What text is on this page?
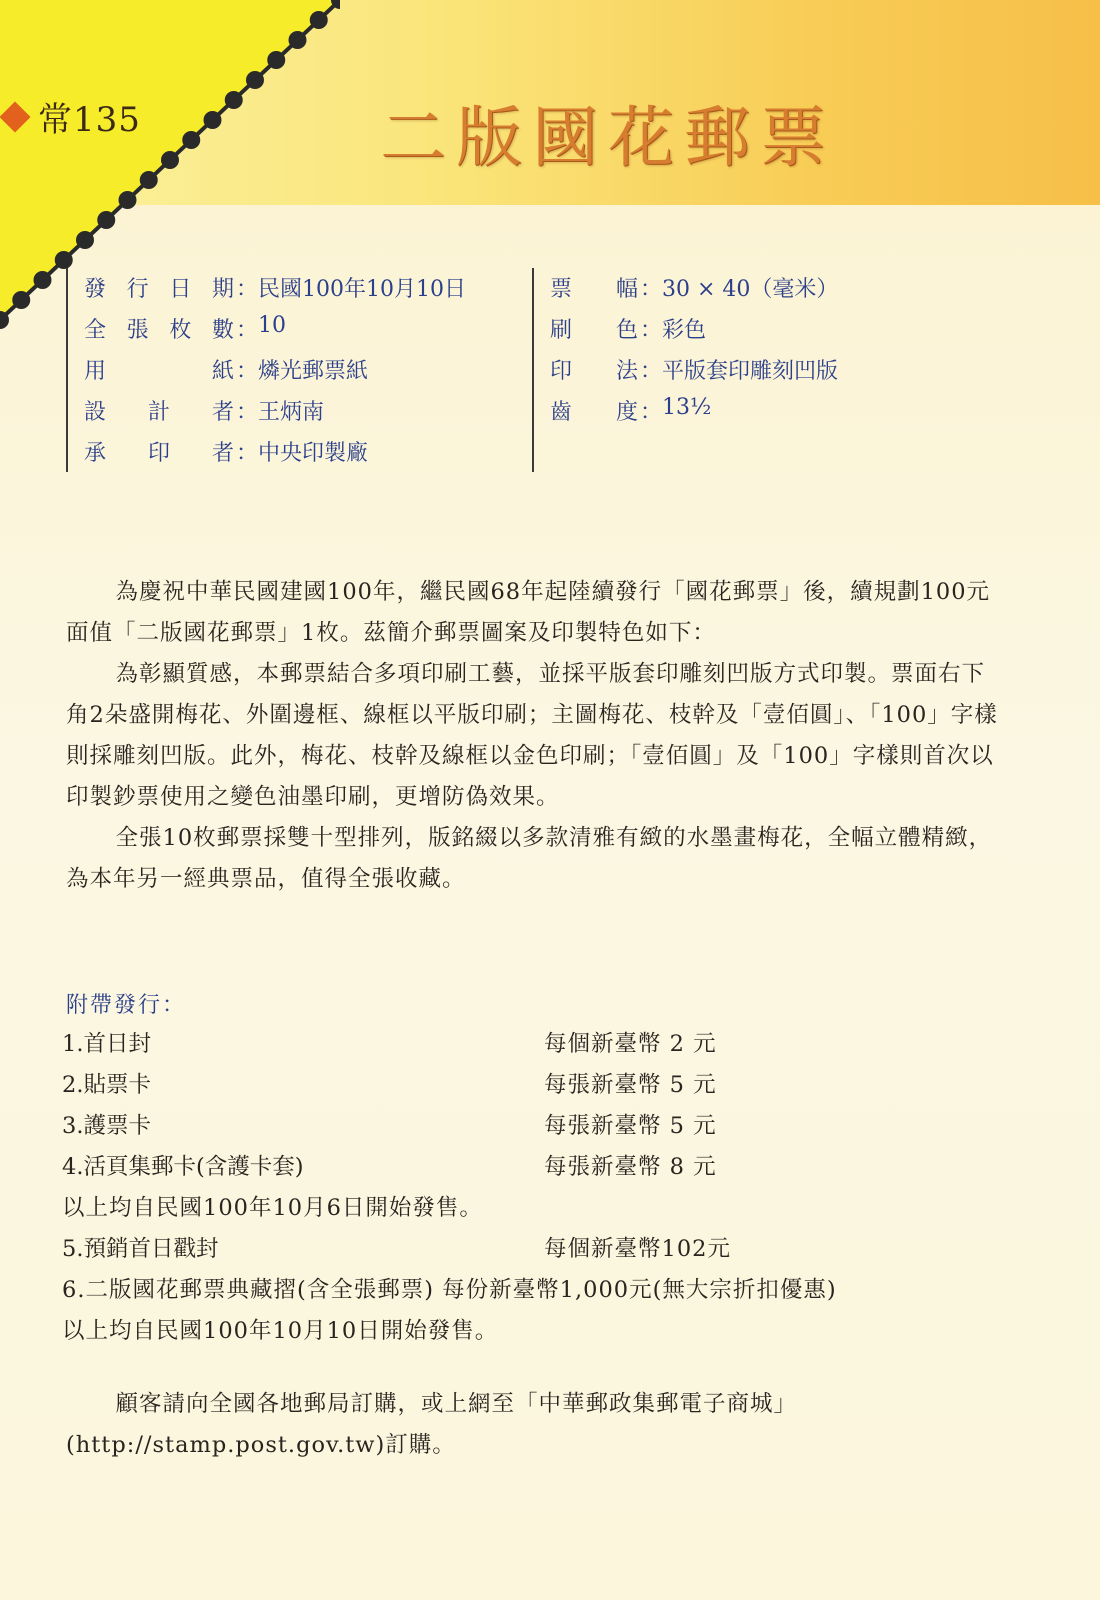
常135	二版國花郵票
發 行 日 期 ： 民國100年10月10日
全 張 枚 數 ： 10
用	紙 ： 燐光郵票紙
設 計 者 ： 王炳南
承 印 者 ： 中央印製廠
票 幅 ： 30 × 40（毫米）
刷 色 ： 彩色
印 法 ： 平版套印雕刻凹版
齒 度 ： 13½

為慶祝中華民國建國100年，繼民國68年起陸續發行「國花郵票」後，續規劃100元面值「二版國花郵票」1枚。茲簡介郵票圖案及印製特色如下：

為彰顯質感，本郵票結合多項印刷工藝，並採平版套印雕刻凹版方式印製。票面右下角2朵盛開梅花、外圍邊框、線框以平版印刷；主圖梅花、枝幹及「壹佰圓」、「100」字樣則採雕刻凹版。此外，梅花、枝幹及線框以金色印刷；「壹佰圓」及「100」字樣則首次以印製鈔票使用之變色油墨印刷，更增防偽效果。

全張10枚郵票採雙十型排列，版銘綴以多款清雅有緻的水墨畫梅花，全幅立體精緻，為本年另一經典票品，值得全張收藏。

附帶發行：
1.首日封	每個新臺幣 2 元
2.貼票卡	每張新臺幣 5 元
3.護票卡	每張新臺幣 5 元
4.活頁集郵卡(含護卡套)	每張新臺幣 8 元
以上均自民國100年10月6日開始發售。
5.預銷首日戳封	每個新臺幣102元
6.二版國花郵票典藏摺(含全張郵票) 每份新臺幣1,000元(無大宗折扣優惠)
以上均自民國100年10月10日開始發售。

顧客請向全國各地郵局訂購，或上網至「中華郵政集郵電子商城」(http://stamp.post.gov.tw)訂購。
